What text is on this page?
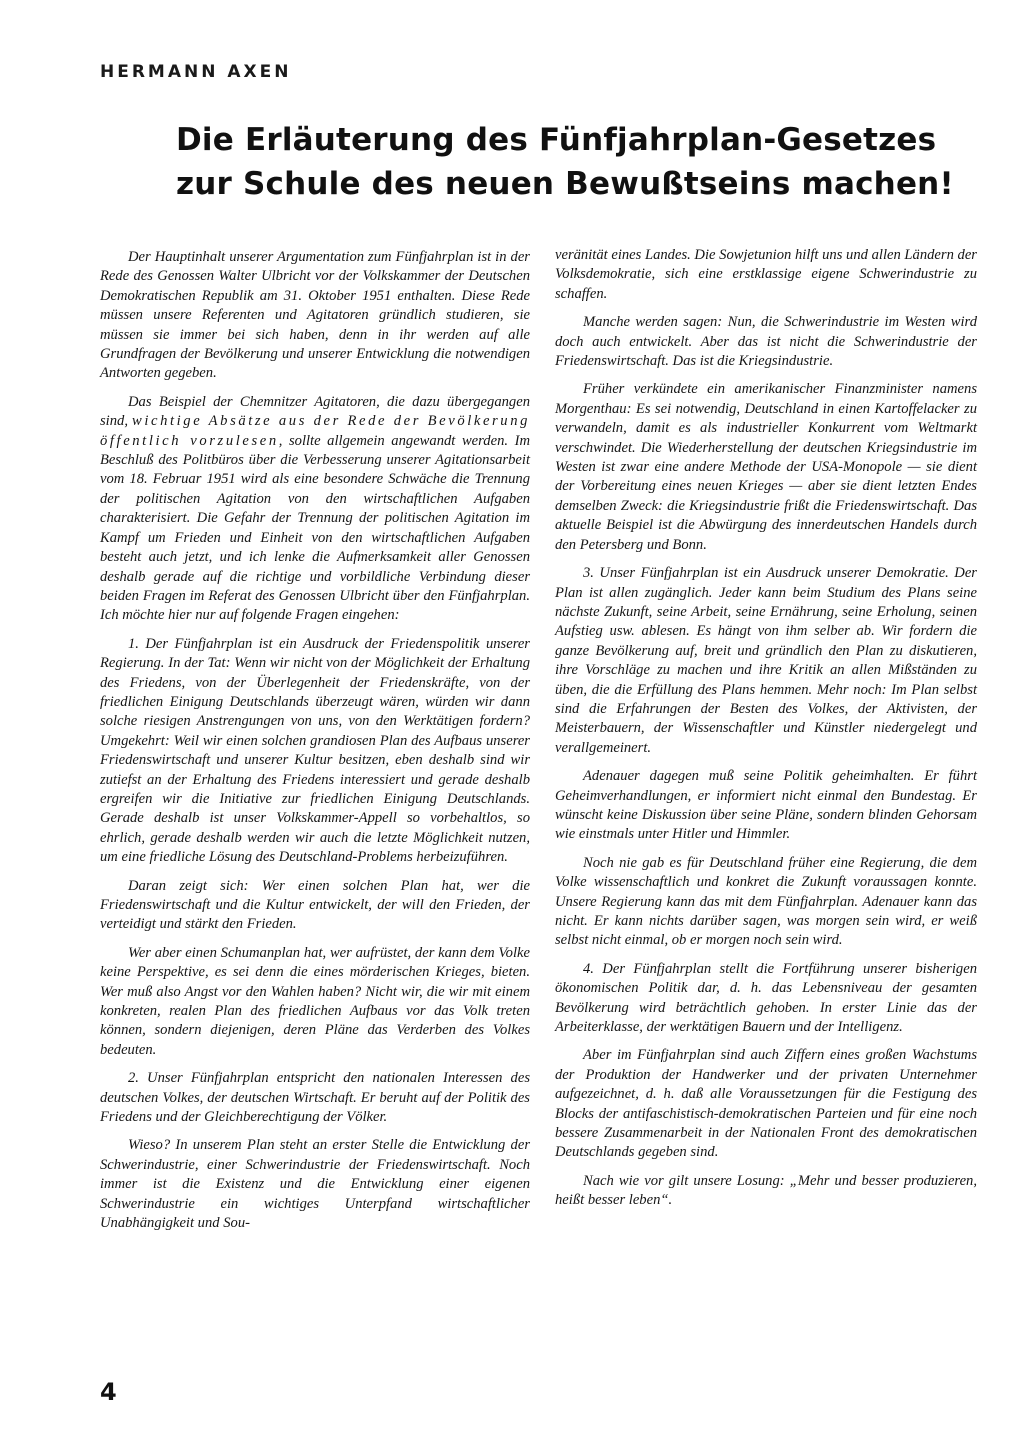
HERMANN AXEN
Die Erläuterung des Fünfjahrplan-Gesetzes
zur Schule des neuen Bewußtseins machen!

Der Hauptinhalt unserer Argumentation zum Fünfjahrplan ist in der Rede des Genossen Walter Ulbricht vor der Volkskammer der Deutschen Demokratischen Republik am 31. Oktober 1951 enthalten. Diese Rede müssen unsere Referenten und Agitatoren gründlich studieren, sie müssen sie immer bei sich haben, denn in ihr werden auf alle Grundfragen der Bevölkerung und unserer Entwicklung die notwendigen Antworten gegeben.

Das Beispiel der Chemnitzer Agitatoren, die dazu übergegangen sind, wichtige Absätze aus der Rede der Bevölkerung öffentlich vorzulesen, sollte allgemein angewandt werden. Im Beschluß des Politbüros über die Verbesserung unserer Agitationsarbeit vom 18. Februar 1951 wird als eine besondere Schwäche die Trennung der politischen Agitation von den wirtschaftlichen Aufgaben charakterisiert. Die Gefahr der Trennung der politischen Agitation im Kampf um Frieden und Einheit von den wirtschaftlichen Aufgaben besteht auch jetzt, und ich lenke die Aufmerksamkeit aller Genossen deshalb gerade auf die richtige und vorbildliche Verbindung dieser beiden Fragen im Referat des Genossen Ulbricht über den Fünfjahrplan. Ich möchte hier nur auf folgende Fragen eingehen:

1. Der Fünfjahrplan ist ein Ausdruck der Friedenspolitik unserer Regierung. In der Tat: Wenn wir nicht von der Möglichkeit der Erhaltung des Friedens, von der Überlegenheit der Friedenskräfte, von der friedlichen Einigung Deutschlands überzeugt wären, würden wir dann solche riesigen Anstrengungen von uns, von den Werktätigen fordern? Umgekehrt: Weil wir einen solchen grandiosen Plan des Aufbaus unserer Friedenswirtschaft und unserer Kultur besitzen, eben deshalb sind wir zutiefst an der Erhaltung des Friedens interessiert und gerade deshalb ergreifen wir die Initiative zur friedlichen Einigung Deutschlands. Gerade deshalb ist unser Volkskammer-Appell so vorbehaltlos, so ehrlich, gerade deshalb werden wir auch die letzte Möglichkeit nutzen, um eine friedliche Lösung des Deutschland-Problems herbeizuführen.

Daran zeigt sich: Wer einen solchen Plan hat, wer die Friedenswirtschaft und die Kultur entwickelt, der will den Frieden, der verteidigt und stärkt den Frieden.

Wer aber einen Schumanplan hat, wer aufrüstet, der kann dem Volke keine Perspektive, es sei denn die eines mörderischen Krieges, bieten. Wer muß also Angst vor den Wahlen haben? Nicht wir, die wir mit einem konkreten, realen Plan des friedlichen Aufbaus vor das Volk treten können, sondern diejenigen, deren Pläne das Verderben des Volkes bedeuten.

2. Unser Fünfjahrplan entspricht den nationalen Interessen des deutschen Volkes, der deutschen Wirtschaft. Er beruht auf der Politik des Friedens und der Gleichberechtigung der Völker.

Wieso? In unserem Plan steht an erster Stelle die Entwicklung der Schwerindustrie, einer Schwerindustrie der Friedenswirtschaft. Noch immer ist die Existenz und die Entwicklung einer eigenen Schwerindustrie ein wichtiges Unterpfand wirtschaftlicher Unabhängigkeit und Sou-

veränität eines Landes. Die Sowjetunion hilft uns und allen Ländern der Volksdemokratie, sich eine erstklassige eigene Schwerindustrie zu schaffen.

Manche werden sagen: Nun, die Schwerindustrie im Westen wird doch auch entwickelt. Aber das ist nicht die Schwerindustrie der Friedenswirtschaft. Das ist die Kriegsindustrie.

Früher verkündete ein amerikanischer Finanzminister namens Morgenthau: Es sei notwendig, Deutschland in einen Kartoffelacker zu verwandeln, damit es als industrieller Konkurrent vom Weltmarkt verschwindet. Die Wiederherstellung der deutschen Kriegsindustrie im Westen ist zwar eine andere Methode der USA-Monopole — sie dient der Vorbereitung eines neuen Krieges — aber sie dient letzten Endes demselben Zweck: die Kriegsindustrie frißt die Friedenswirtschaft. Das aktuelle Beispiel ist die Abwürgung des innerdeutschen Handels durch den Petersberg und Bonn.

3. Unser Fünfjahrplan ist ein Ausdruck unserer Demokratie. Der Plan ist allen zugänglich. Jeder kann beim Studium des Plans seine nächste Zukunft, seine Arbeit, seine Ernährung, seine Erholung, seinen Aufstieg usw. ablesen. Es hängt von ihm selber ab. Wir fordern die ganze Bevölkerung auf, breit und gründlich den Plan zu diskutieren, ihre Vorschläge zu machen und ihre Kritik an allen Mißständen zu üben, die die Erfüllung des Plans hemmen. Mehr noch: Im Plan selbst sind die Erfahrungen der Besten des Volkes, der Aktivisten, der Meisterbauern, der Wissenschaftler und Künstler niedergelegt und verallgemeinert.

Adenauer dagegen muß seine Politik geheimhalten. Er führt Geheimverhandlungen, er informiert nicht einmal den Bundestag. Er wünscht keine Diskussion über seine Pläne, sondern blinden Gehorsam wie einstmals unter Hitler und Himmler.

Noch nie gab es für Deutschland früher eine Regierung, die dem Volke wissenschaftlich und konkret die Zukunft voraussagen konnte. Unsere Regierung kann das mit dem Fünfjahrplan. Adenauer kann das nicht. Er kann nichts darüber sagen, was morgen sein wird, er weiß selbst nicht einmal, ob er morgen noch sein wird.

4. Der Fünfjahrplan stellt die Fortführung unserer bisherigen ökonomischen Politik dar, d. h. das Lebensniveau der gesamten Bevölkerung wird beträchtlich gehoben. In erster Linie das der Arbeiterklasse, der werktätigen Bauern und der Intelligenz.

Aber im Fünfjahrplan sind auch Ziffern eines großen Wachstums der Produktion der Handwerker und der privaten Unternehmer aufgezeichnet, d. h. daß alle Voraussetzungen für die Festigung des Blocks der antifaschistisch-demokratischen Parteien und für eine noch bessere Zusammenarbeit in der Nationalen Front des demokratischen Deutschlands gegeben sind.

Nach wie vor gilt unsere Losung: „Mehr und besser produzieren, heißt besser leben“.

4
